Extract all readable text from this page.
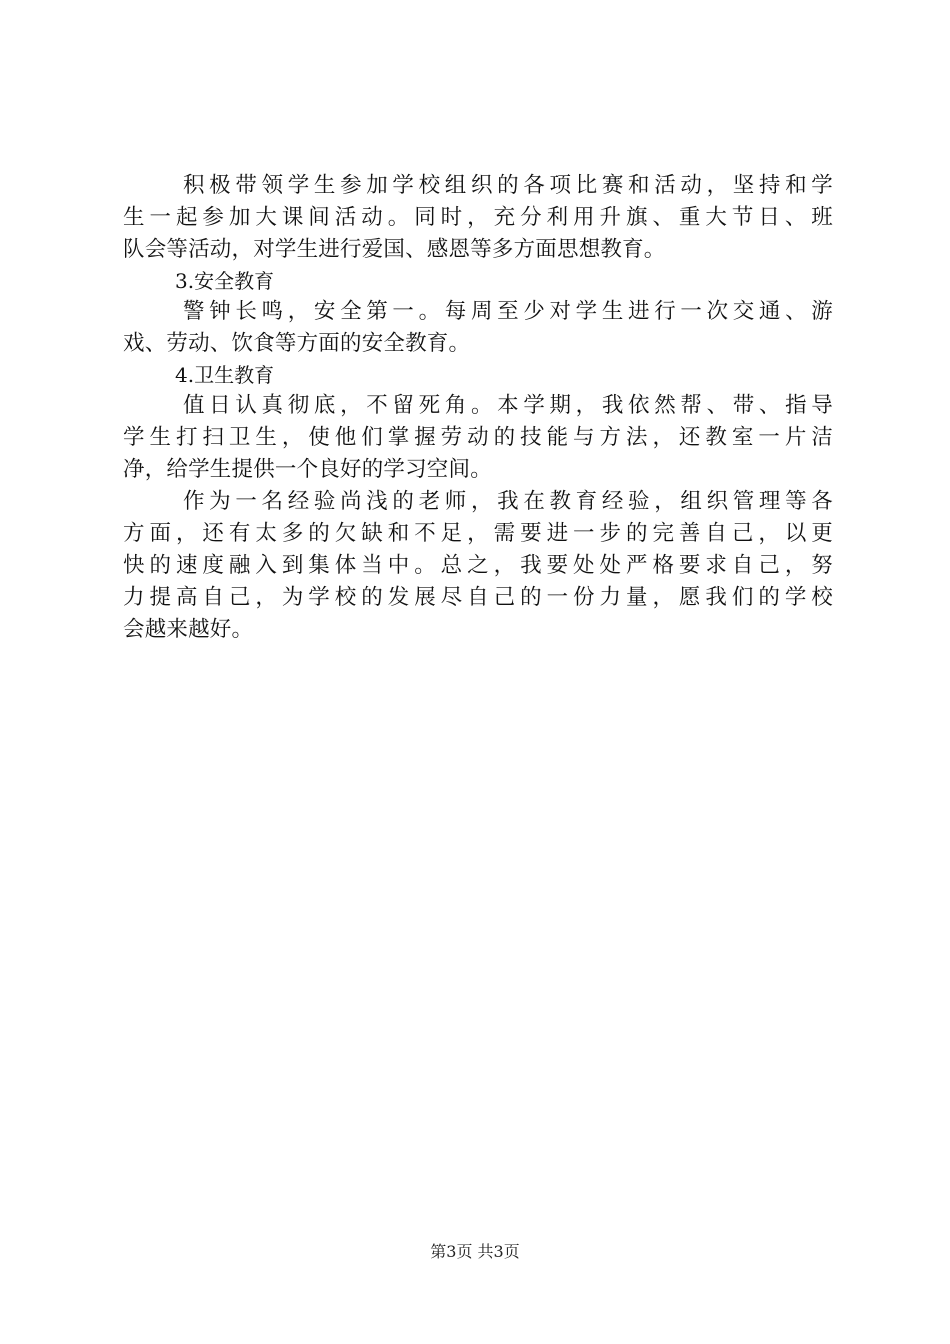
积极带领学生参加学校组织的各项比赛和活动，坚持和学
生一起参加大课间活动。同时，充分利用升旗、重大节日、班
队会等活动，对学生进行爱国、感恩等多方面思想教育。
3.安全教育
警钟长鸣，安全第一。每周至少对学生进行一次交通、游
戏、劳动、饮食等方面的安全教育。
4.卫生教育
值日认真彻底，不留死角。本学期，我依然帮、带、指导
学生打扫卫生，使他们掌握劳动的技能与方法，还教室一片洁
净，给学生提供一个良好的学习空间。
作为一名经验尚浅的老师，我在教育经验，组织管理等各
方面，还有太多的欠缺和不足，需要进一步的完善自己，以更
快的速度融入到集体当中。总之，我要处处严格要求自己，努
力提高自己，为学校的发展尽自己的一份力量，愿我们的学校
会越来越好。
第3页 共3页
